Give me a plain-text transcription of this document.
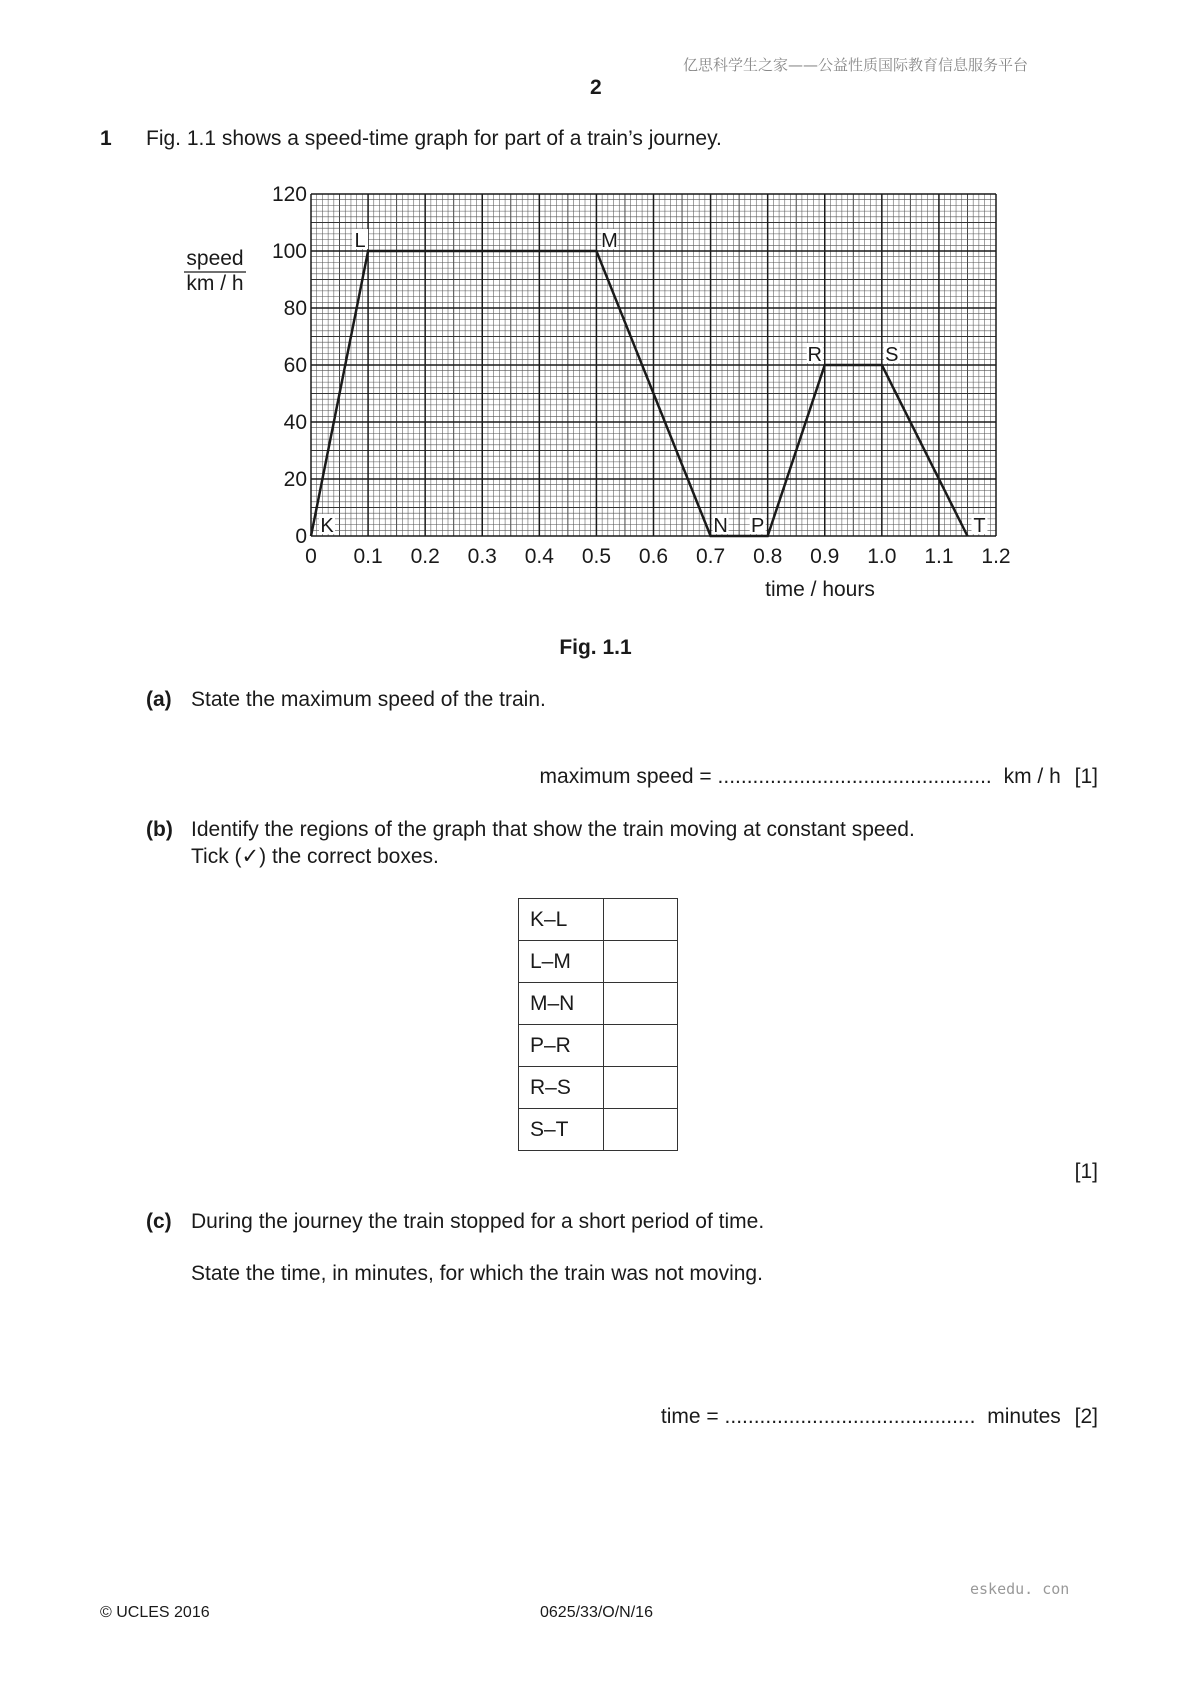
亿思科学生之家——公益性质国际教育信息服务平台
2
1 Fig. 1.1 shows a speed-time graph for part of a train’s journey.
0
20
40
60
80
100
120
0 0.1 0.2 0.3 0.4 0.5 0.6 0.7 0.8 0.9 1.0 1.1 1.2
K
L	M
N P
R	S
T
speed
km / h
time / hours
Fig. 1.1
(a) State the maximum speed of the train.
maximum speed = ............................................... km / h [1]
(b) Identify the regions of the graph that show the train moving at constant speed.
Tick (✓) the correct boxes.
K–L	
L–M	
M–N	
P–R	
R–S	
S–T	
[1]
(c) During the journey the train stopped for a short period of time.
State the time, in minutes, for which the train was not moving.
time = ........................................... minutes [2]
eskedu. con
© UCLES 2016	0625/33/O/N/16
